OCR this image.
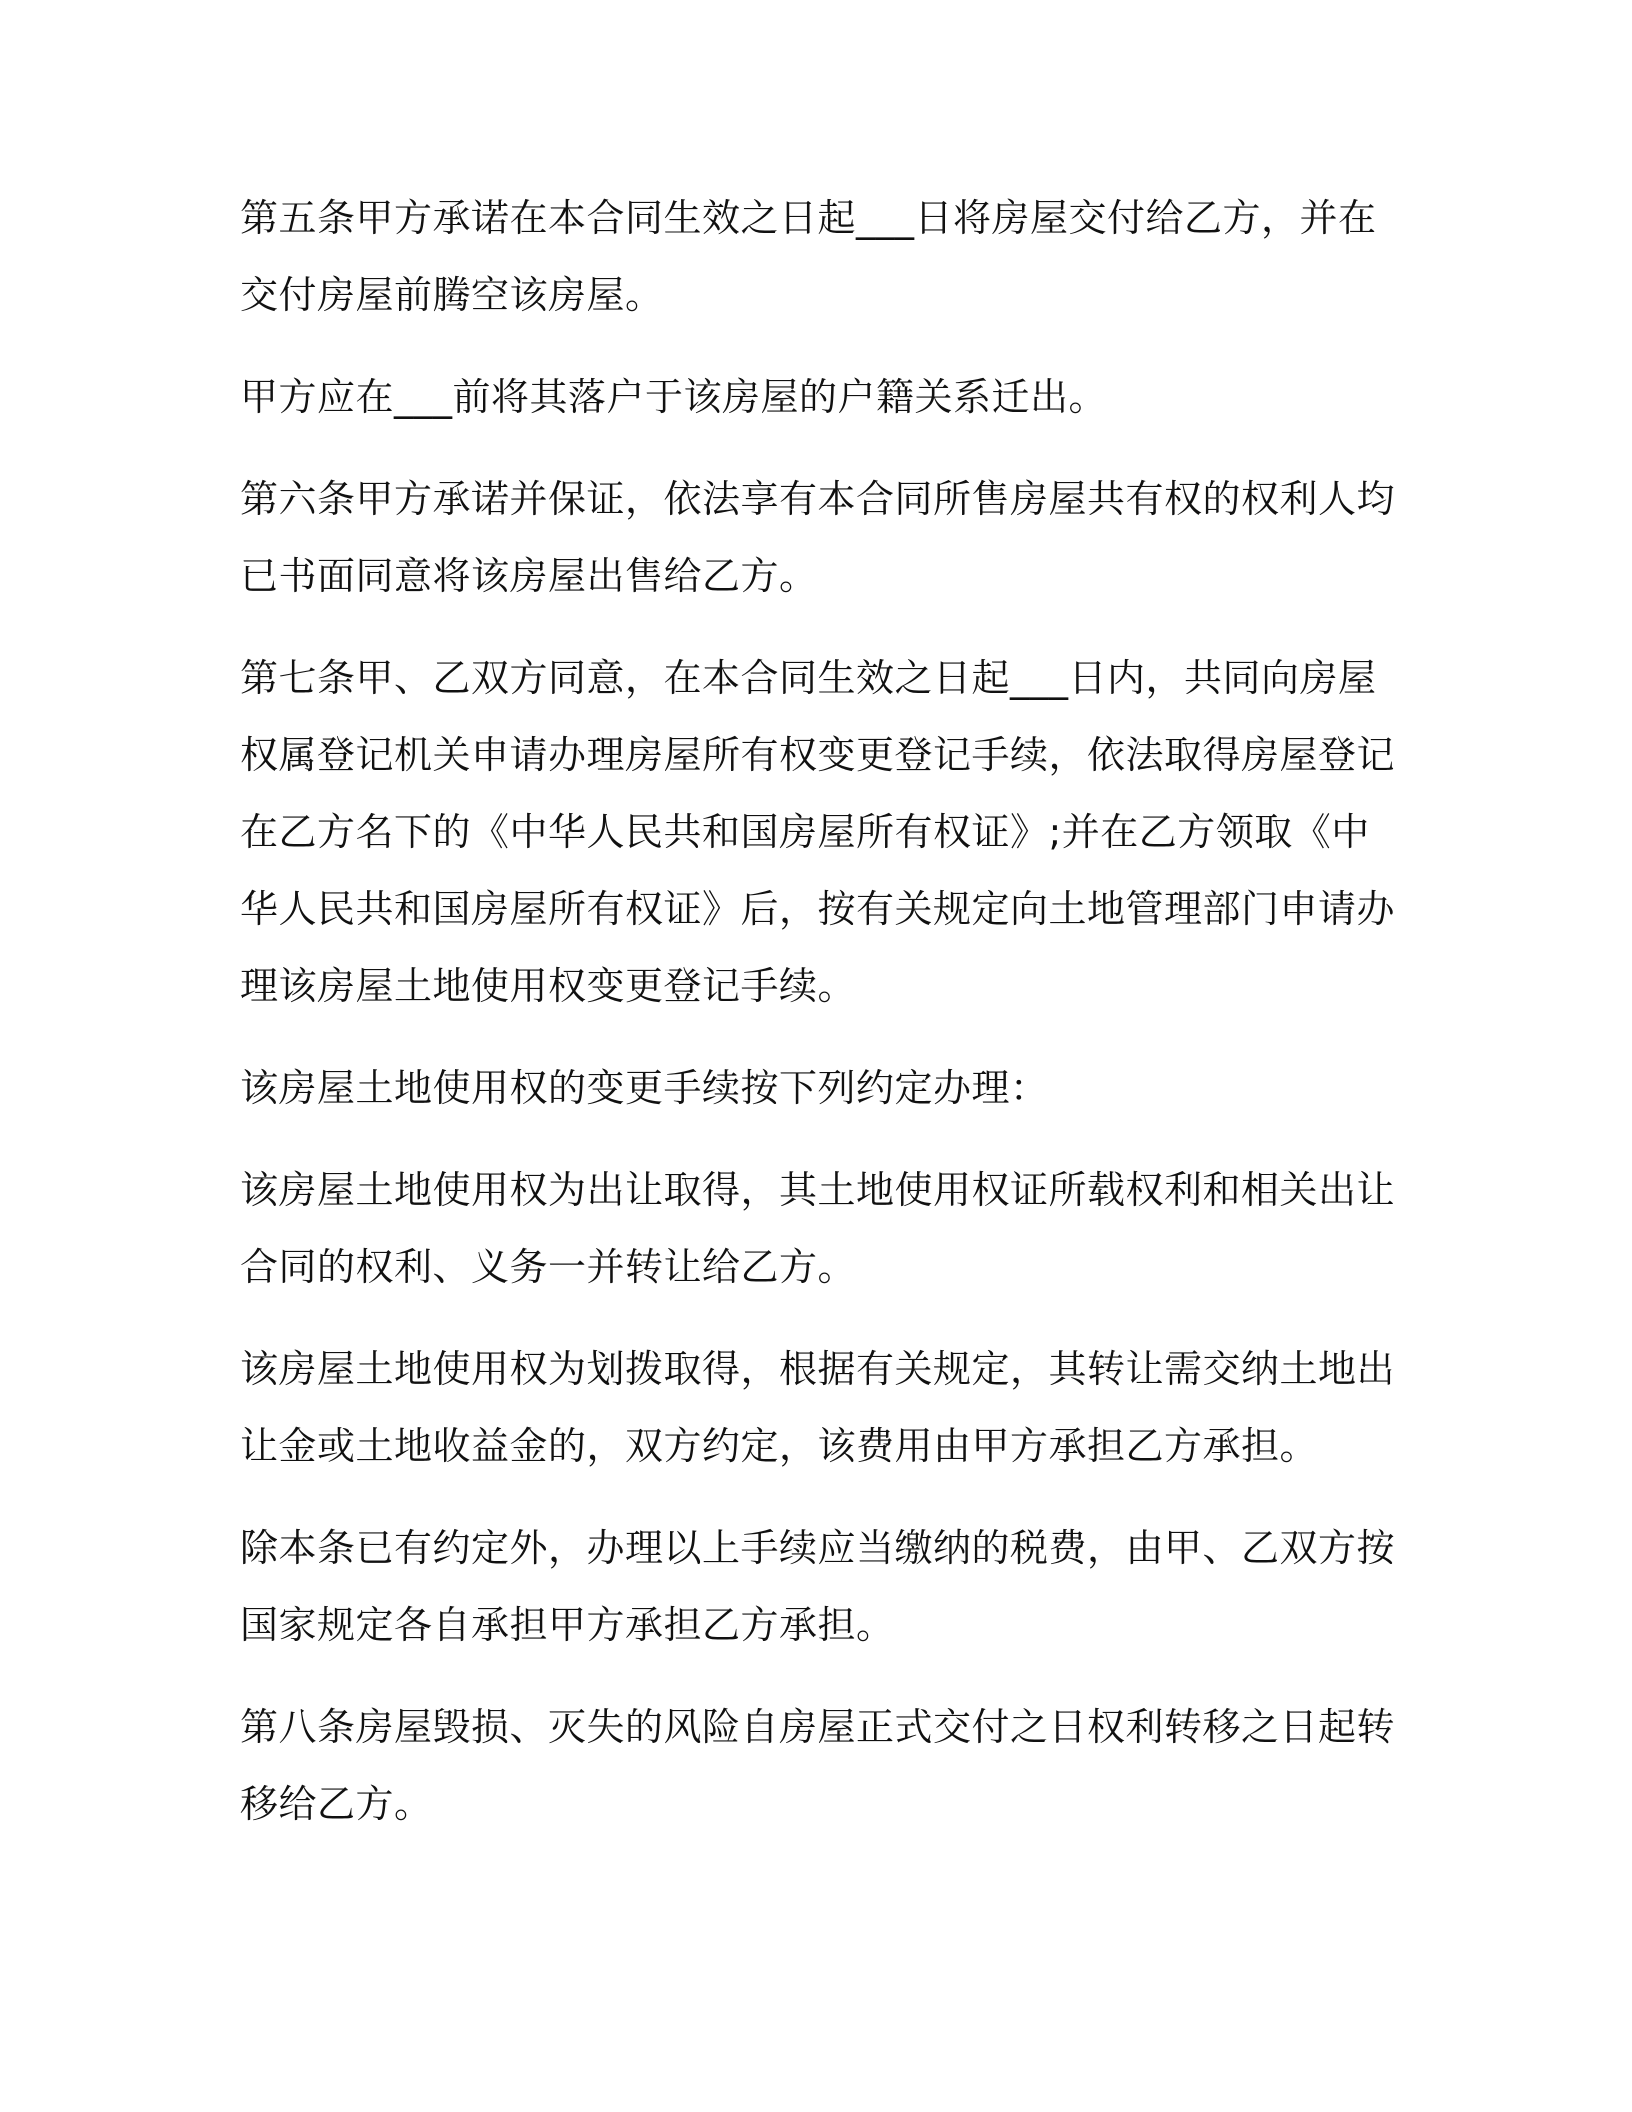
第五条甲方承诺在本合同生效之日起___日将房屋交付给乙方，并在交付房屋前腾空该房屋。

甲方应在___前将其落户于该房屋的户籍关系迁出。

第六条甲方承诺并保证，依法享有本合同所售房屋共有权的权利人均已书面同意将该房屋出售给乙方。

第七条甲、乙双方同意，在本合同生效之日起___日内，共同向房屋权属登记机关申请办理房屋所有权变更登记手续，依法取得房屋登记在乙方名下的《中华人民共和国房屋所有权证》;并在乙方领取《中华人民共和国房屋所有权证》后，按有关规定向土地管理部门申请办理该房屋土地使用权变更登记手续。

该房屋土地使用权的变更手续按下列约定办理：

该房屋土地使用权为出让取得，其土地使用权证所载权利和相关出让合同的权利、义务一并转让给乙方。

该房屋土地使用权为划拨取得，根据有关规定，其转让需交纳土地出让金或土地收益金的，双方约定，该费用由甲方承担乙方承担。

除本条已有约定外，办理以上手续应当缴纳的税费，由甲、乙双方按国家规定各自承担甲方承担乙方承担。

第八条房屋毁损、灭失的风险自房屋正式交付之日权利转移之日起转移给乙方。
